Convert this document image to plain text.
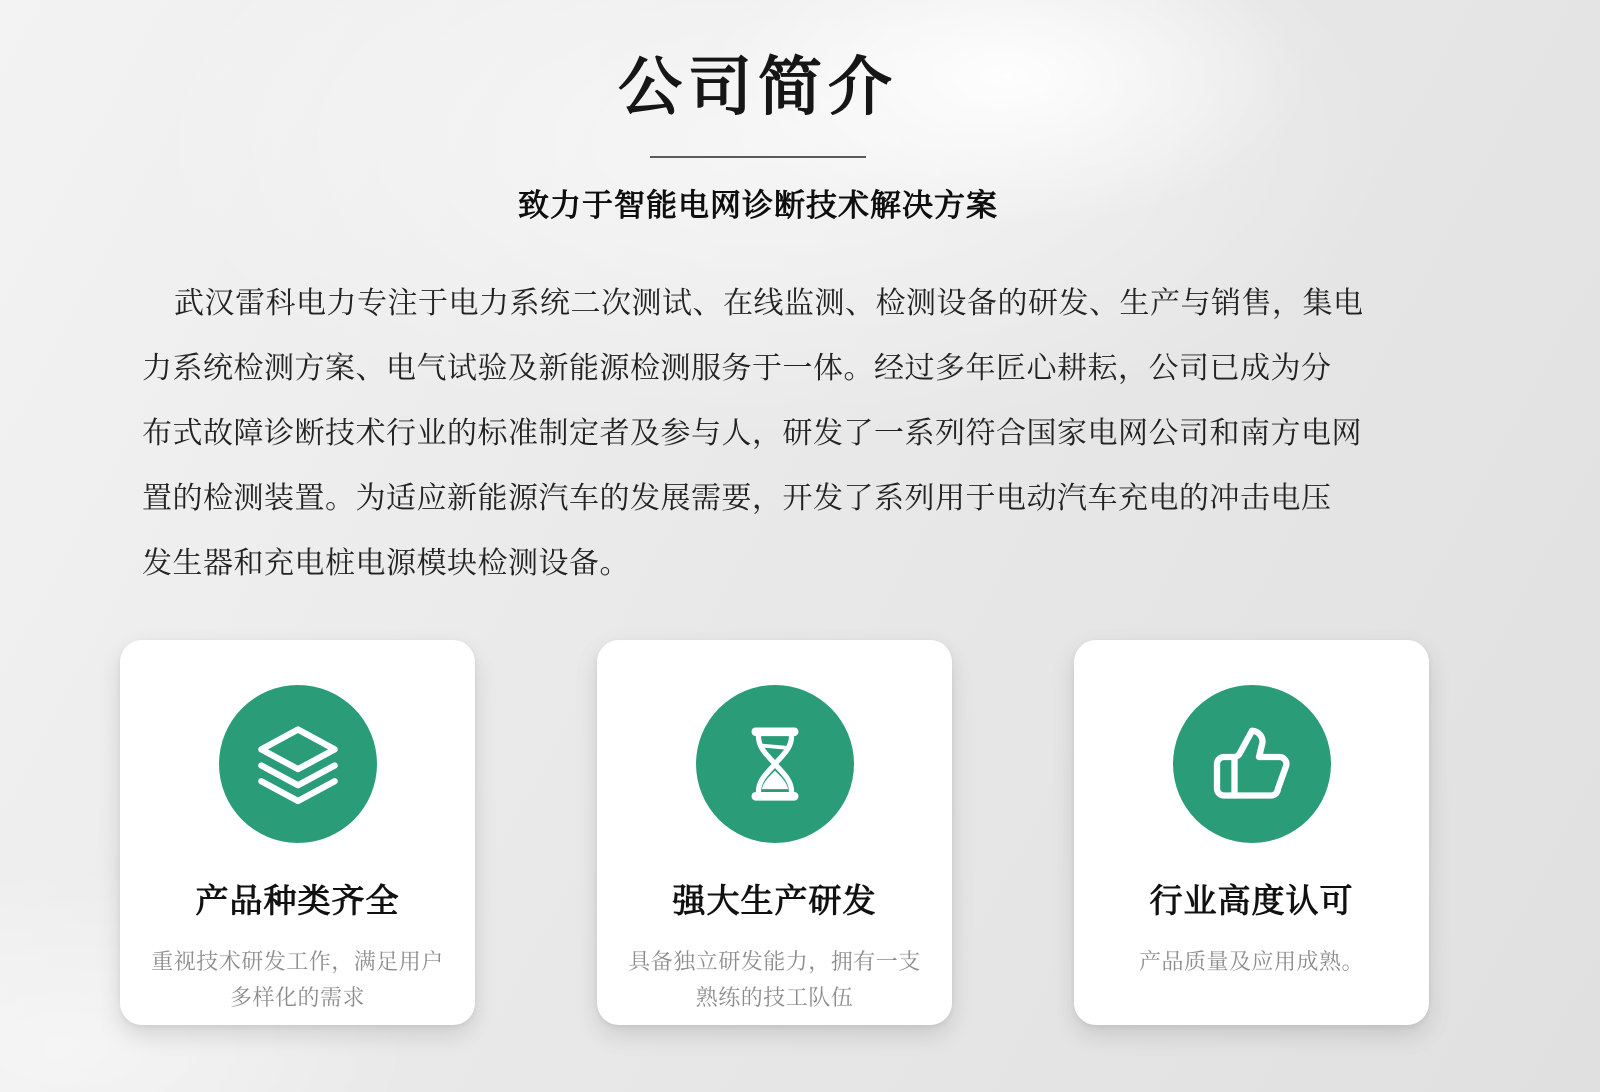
公司简介
致力于智能电网诊断技术解决方案

武汉雷科电力专注于电力系统二次测试、在线监测、检测设备的研发、生产与销售，集电

力系统检测方案、电气试验及新能源检测服务于一体。经过多年匠心耕耘，公司已成为分

布式故障诊断技术行业的标准制定者及参与人，研发了一系列符合国家电网公司和南方电网

置的检测装置。为适应新能源汽车的发展需要，开发了系列用于电动汽车充电的冲击电压

发生器和充电桩电源模块检测设备。

产品种类齐全
重视技术研发工作，满足用户多样化的需求
强大生产研发
具备独立研发能力，拥有一支熟练的技工队伍
行业高度认可
产品质量及应用成熟。
